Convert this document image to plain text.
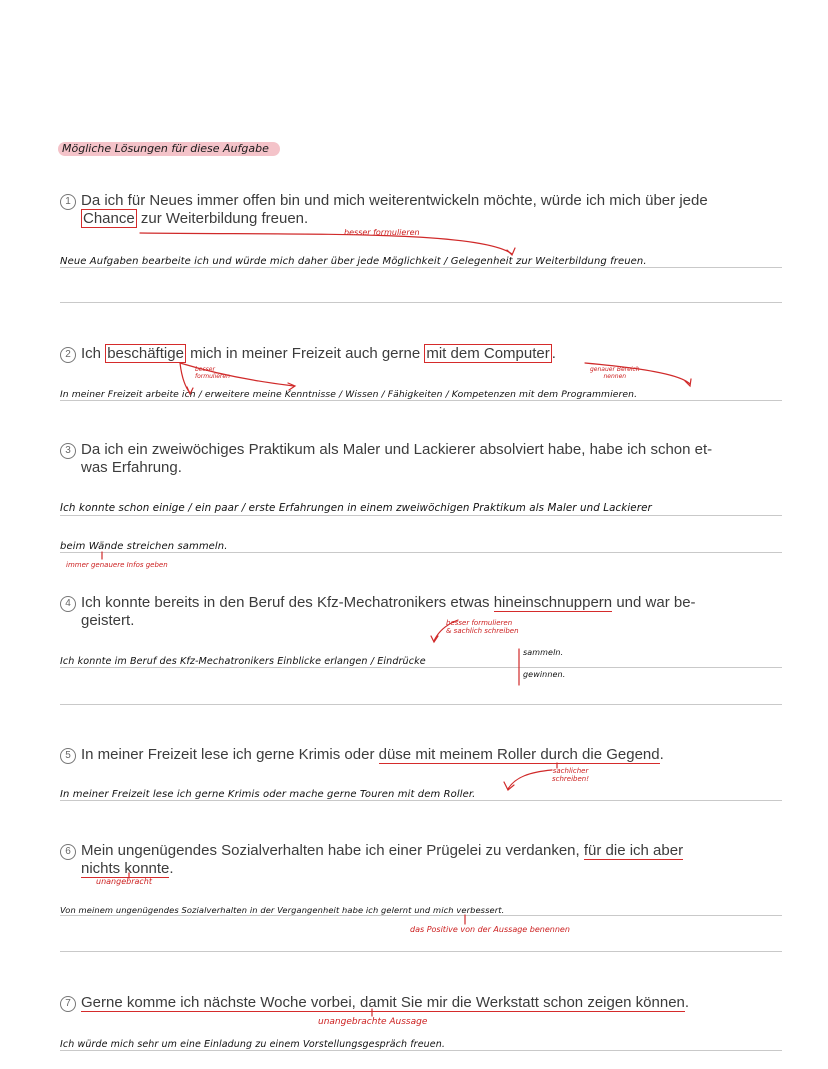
Mögliche Lösungen für diese Aufgabe
1 Da ich für Neues immer offen bin und mich weiterentwickeln möchte, würde ich mich über jede
Chance zur Weiterbildung freuen.
besser formulieren
Neue Aufgaben bearbeite ich und würde mich daher über jede Möglichkeit / Gelegenheit zur Weiterbildung freuen.
2 Ich beschäftige mich in meiner Freizeit auch gerne mit dem Computer .
besser
formulieren
genauer Bereich
nennen
In meiner Freizeit arbeite ich / erweitere meine Kenntnisse / Wissen / Fähigkeiten / Kompetenzen mit dem Programmieren.
3 Da ich ein zweiwöchiges Praktikum als Maler und Lackierer absolviert habe, habe ich schon et-
was Erfahrung.
Ich konnte schon einige / ein paar / erste Erfahrungen in einem zweiwöchigen Praktikum als Maler und Lackierer
beim Wände streichen sammeln.
immer genauere Infos geben
4 Ich konnte bereits in den Beruf des Kfz-Mechatronikers etwas hineinschnuppern und war be-
geistert.	besser formulieren
& sachlich schreiben
Ich konnte im Beruf des Kfz-Mechatronikers Einblicke erlangen / Eindrücke
sammeln.
gewinnen.
5 In meiner Freizeit lese ich gerne Krimis oder düse mit meinem Roller durch die Gegend.
sachlicher
schreiben!
In meiner Freizeit lese ich gerne Krimis oder mache gerne Touren mit dem Roller.
6 Mein ungenügendes Sozialverhalten habe ich einer Prügelei zu verdanken, für die ich aber
nichts konnte.
unangebracht
Von meinem ungenügendes Sozialverhalten in der Vergangenheit habe ich gelernt und mich verbessert.
das Positive von der Aussage benennen
7 Gerne komme ich nächste Woche vorbei, damit Sie mir die Werkstatt schon zeigen können.
unangebrachte Aussage
Ich würde mich sehr um eine Einladung zu einem Vorstellungsgespräch freuen.
